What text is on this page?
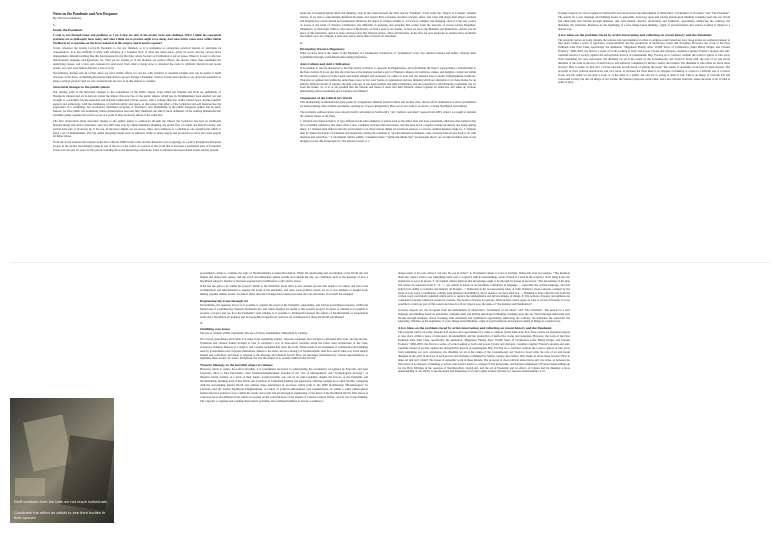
Notes on the Pandemic and Arts Response
By David Goldenberg
1.
Inside the Pandemic

I want to run through issues and problems as I see it that are task of the project Issue and challenge. What I think the conceptual problems are as philosophy faces today, and what I think are as practice ought to be doing. And what artists cause more within Global Neoliberal art to speculate on the forces looked at in this project, and in need to operate?

Today, whatever the Global Covid-19 Pandemic is, has not finished, so it is premature to extrapolate practical lessons or anticipate its consequences. It is also difficult to write with certainty at a bounded view of what has taken place, given its reach, and the various news management, although nothing like this has happened in my life time, where Society as Civilisation is put on pause. Where it is easy to slip into melodramatic language and hyperbole. So, what we are looking to of the moment are surface effects, the shocks, rather than examining the underlying causes, and a slow and contested to read away from what is being done, to interpret the event to symbolic historical and recent events, nor can I even believe fall into a true if on th.

Nevertheless, having said all of that, there are clear visible effects we can use with certainty to establish insights that can be useful to build reactions of the Press, as Building Reactions think about is project having a Pandemic. What is Useful and relevant to say about the pandemic to shape a serious project? And we can constructively say how to in this remote to consider.

Structural changes to the public sphere

Our starting point is the Structural changes to the foundations of the Public sphere, from which the Kantian and Paris are definitions of Bourgeois cultural and art is derived. Given the impact this now has on the public sphere, which has its Enlightenment been enabled out and brought to a standstill. People separated and isolated within their private spaces, with a volume shift into online virtual space, having together support and technology, with the dominance of platform public and space, in that respect the effect of the lockdown and self isolation has the appearance of a continuing, but accelerated, Neoliberal program, of Thatcher’s own dismantling of the public bourgeois sphere and its ideal. Instead, we have public life seamlessly Indian infrastructure has been fully mediated, the elite is more dominant, of the existing institutions that assemble gather together the world, we are at a point of their necessary defeat of the collective.

The first observation about structural change to the public sphere is reinforced through the impact the lockdown has had on traditional manufacturing and service industries, and cross 66% take over by online industries. Banking, the global flow of capital, the Debt Economy, and Global networks of all shown up, it has not. In the more digital, we are stores, cities, and commerce is a reliable as one system from which to forge a set of fundamentals. The big online shopping brands such as Amazon, while as many supply and production to have also been largely invisible labour.

From the social tensions that rupture in the face with the 2008 Credit Crisis and the financial cycle (ongoing), as a policy through the European project in the global, increasingly, being in one of the two to the world, as a period of the world that is has been a permanent state of Economic Crisis over the past 10 years. In the period, resulting the social distancing restrictions, it has accelerated and exacerbated trends already present.

break the Covenant(Capital) mind and thinking, even in the clash between the West and its “Enemies”. Even today the “Object of Critique” remains elusive. If we aim to acknowledge Reinhard Koselek, and current First Colonials, modern concepts, ideas, and crisis still shape their impact analysis and shaping how events should be investigated. Whatever the object of critique actually is, is far more complex and changing, since it is the very source of power at the heart of Western Civilisation, the difficulty in grasping and grasping this comes from the exercise of Green Global Magnifier, Ideasphere, or Ontologie. With no advocates of Modernity, we find a need to our bodies, so here we are to the Manifest and Immediate, and the one set place of this formation. And it is quite obvious today that Western artists, critics and theorists, in the first are now irrelevant to analyse those problems has turned out to be complex, a dead end, and no more than a branch of Liberalism.

2.
Disrupting Western Hegemony

What we have here is the centre of the Pandemic is a momentary breakdown of “normalised” every day cultural routines and habits, offering other possibilities through a scheduled homecoming Narratives.

Anti-Culture and Anti-Civilisation

It is possible to use the disruption to the Eurocentric tradition, to decentre its Hegemonies, and reformulate the West’s appropriation of Modernism to the Euro-Global. It is not just that the crisis has at the moment reached a level of Western cultures, its traditions, values, and insights, carried out within the Eurocentric context provide useful and usable insights and strategies for others to look and the Western Euro-Canonic Enlightenment traditions. That also recognises that within the same these years, in fact, new forms of organisation and new thinking which are alternative to it, there modes for an entirely different model of Culture, through concepts of the Anti-Cultural and Anti-Civilisation, and the potential for reformulating Capitalism and art from the inside. So, it is of all possible that the threads and mesh of ideas that held Western culture together be abducted, and taken up without maintaining and reconstituting place Cultures and Market?

Suspension of the Global Art World

This momentarily weakened hold gives pause by a hegemonic Western Global Culture and its elite class, throws off its domination to allow possibilities by democratising other cultures and media, opening up of space Imagination. Here we do not want to re-centre, a Global Neoliberal Art Industry.

The problems outlined above were already briefly articulated in Stallworth’s “Art: Cultural outcomes” opened from 2003, when I so sought to demand the cultural values of the West.

1. Western new believed like it is very different from other elements of nature such as the mind, man and trees (ornament, otherwise man believes that he is of similar substance, that there exists a new continuity between man and nature, and that man is not a superior being but merely one being among many. 2.7 Western man believes that the world exists to be chose that he thinks it towards its purpose, or at least, entitled manners make no. 3. Western men by makes the dollars of dominant and modernity. Stallworth continues to “ground inherent in madness. I am concerned that art has itself to do with madness and narratives.” 3. Occidental culture admits “consumed ideas.” Stallworth thinks that “professional ideas” are an impoverished state of the thought process. He is interested in “the mental process or a

In many respects we can recognise in Stallworth’s text and practice the embodiment of Nietzsche’s “revaluation of all values” and “The Overman”. The search for a new language and thinking based on aphorisms, ironology upon and tracing neurological thinking, breaking apart the one World and embracing new Worlds through madness, and even mental chaotics, uncertainty and Symbolic, opportunity, embracing the ordinary, the mundane, the particular, liberation as the beginning of a new image-based thinking, origin of psychoanalysis and science looking at things in a neutral way.

A few ideas on the problems faced by artists intervening and reflecting on recent history and the Pandemic

The program carries on today. Despite the sources and opportunities for artists to address recent behaviour, how those events are registered appear to take place within a space of ignorance, irresponsibility and the production of ineffective works and strategies. However, the work of the New Parkland artist Paul Chan, specifically the animation “Happiness Finally After 35,000 Years of Civilization (After Henry Darger and Charles Fourier),” 2000-2003, the first in a series of works looking at body and power. Utopia and dystopia, considers together Fourier’s utopian and anti-capitalist model of society, against the unforgivable horrors of Guantanamo Bay. Forcing us to confront, without the room to ignore or turn away from something our own conscience, the dilemma we sit at the centre of the Contemporary Art World is faced with, the role of art and moral dilemma of the artist in the face of such horrors and barbarity committed by his/her country and culture. The dilemma is who exists art about these horrors? How to make art that isn’t a trivial and that avoids moral of putting the issue? The issues of epistemic work here in these threads. The proposal of clear political abstractions and vice versa, as between the West there is no shyness of thinking or action is a difficult one or to know about, and the realm we are able to look, or at the same as a public, but one not so strong at artist at risk. This is an image of both the EU and concurrent society, but also an image of our worlds, the Western proposed social order, and a new rational structure, where the most of art is what is really at play.

Stuff surfaces from the bath we not reach individuals
Constraint the effect on artists to see their bodies in their spaces

governments, ideals to continue the logic of Neoliberalism’s Counter-Revolution. While the questioning and overturning of the World into the market and democratic sphere, and the social and immediate sphere outside and outside the city, are combined, such as the message of how a Neoliberal subject’s identity is has been repeated and conditioned to reify and its stores.

What has the gain to be within the project? Inside to the Pandemic event there is also another process that needs to be raised, and that is the normalisation and naturalisation to register the event of the pandemic, and other socio-political events. In art, it was aesthetic or insight form, linking together similar events, because if these structural changes have taken place then the role and nature of art itself has changed.

Registering the event through art

Nevertheless, the question is how is it possible to register the event of the Pandemic, Quarantine, and Global government response, within the framework of Contemporary Western Neoliberal Art, and which insights are useful to this specific project? In terms of whether it is possible to produce a project and see how the Pandemic? And whether is it possible to distinguish between the effects of Neoliberalism or Geopolitical terms and a Neoliberal art industry and its Geopolitical objectives? And how art is mitigated by these the World and Market?

3.
Outlining core issues

The use of critique within Capitalism. The use of Chaos, Insensibility, Disturbing by identity.

On a broad, generalised, level what is at stake is the organising, impact, response, language and concepts to articulate this event, and the success. Traditions and cultural frames brought to bear to establish a sort of Eurocentric narrative about the event, their architecture of the virus, lockdown, isolation impacts of a subject, and a sterile Gemeinschaft upon the body. Terms made as an instrument of examination and thinking used by governments and corporate institutions, linked to the virus, and as a strategy of Neoliberalism? And how and in what way is the subject shaped and controlled, and made to respond to the message and external forces? How are messages rationalised by various representatives, to legitimise these events, its orders, disciplines, the role the subject is to operate within in that World?

Western ideology as the invisible object of critique

However, much to reduce the Leftof Occultist, it is nonetheless necessary to acknowledge the problematic recognised by Foucault, and later Lazzarato. How to find Eurocentric, their Western-Enlightenment founded of the “Art of Management” and “Technological Ecology”, as Western Global Culture as a form of their nature. Controversially, one can be an Anti-Capitalist, despite the horrors of the Pandemic and Neoliberalism, breaking hold of this World, the formation of Capitalism Identity and superiority, offering opening up to other Worlds, competing with the surrounding natural World and cultures these neutralised in successes which form in the 2006 modification “Bioideologies” by Lazzarato and the Global Neoliberal Enlightenment. A variety of political philosophers and commentators on within a wider philosophical framework have pointed to how visible the trends and social and psychological engineering of the heart of the Neoliberal World. That shows is conscious level and different from which is revealed on the contradictions of the market of Creative Culture artists’, and its role in the thinking. The capacity to organise and continue Eurocentric problems, but continued inability to invoke a solution to

deeper point of its roots where I can sure the say in richer”. 4. Occidental culture is fond of analysis. Stallworth does not analyse. “The intention made me, when I work to see something really well, to regard it with its surroundings, never if there is a meal in the country, I don’t bring it into my tendencies to see it in pieces. 5. Occidental culture believes that knowledge ought to be through its passes in necessary. “The knowledge of the man and cannot be separated from it ” 6. “... our culture is based on an enormous confidence in language — especially the written language, and true belief in its ability to translate and indicate all thought…” Stallworth in his not necessarily ideas of truth. Named is more concrete, oriented by the sense of four ways, Colombiana, a magic seen grimaces and mimicry, and it seems to be more effective. ... Thinking is more effective felt from the written word, particularly painting which serve to replace the unimaginable and private images of things. 8. The notions of beauty and ugliness are considered concrete, unknown created as creative. The notion of beauty is precious. Western men cannot agree on what is, in fact all beauty, it is not possible to avoid our part of this reason and does for all art objects now, the sense of “the humans and illumination”.

In many respects we can recognise from the embodiment of Nietzsche’s “revaluation of all values” and “The Overman”. The search for a new language and thinking based on aphorisms, breaking apart and mixing neurological thinking, breaking apart the one World through embracing new Worlds through madness, chaos, breaking with rationality and Symbolical opportunity, embracing the ordinary, the mundane, the particular, the surprising. Whether as the beginning of a new image-based thinking, origin of psychoanalysis and science looking at things in a neutral way.

A few ideas on the problems faced by artists intervening and reflecting on recent history and the Pandemic

The program carries on today. Despite rich sources and opportunities for artists to address recent behaviour, how those events are registered appear to take place within a space of ignorance, irresponsibility and the production of ineffective works and strategies. However, the work of the New Parkland artist Paul Chan, specifically the animation “Happiness Finally After 35,000 Years of Civilization (after Henry Darger and Charles Fourier),” 2000-2003, the first in a series of works looking at body and power. Utopia and dystopia, considers together Fourier’s utopian and anti-capitalist model of society, against the unforgivable horrors of Guantanamo Bay. Forcing us to confront, without the room to ignore or turn away from something our own conscience, the dilemma we sit at the centre of the Contemporary Art World is faced with, the role of art and moral dilemma of the artist in the face of such horrors and barbarity committed by his/her country and culture. Who make art about these horrors? How to make art that isn’t trivial? The issues of epistemic work in these threads. The proposal of clear political abstractions and vice versa, as between the West there is no shyness of thinking or action, that doesn’t lead to a collapse of that knowledge, and Western Alignment of Fourier mental things up for the Holy Writings in the question of Neoliberalism, Global Art, and the art of Pandemic and its effects of Culture and Its thinking: a more understanding of our ability to see the shape and dimension of art and capital is more relevant to a nascent understanding of art.
